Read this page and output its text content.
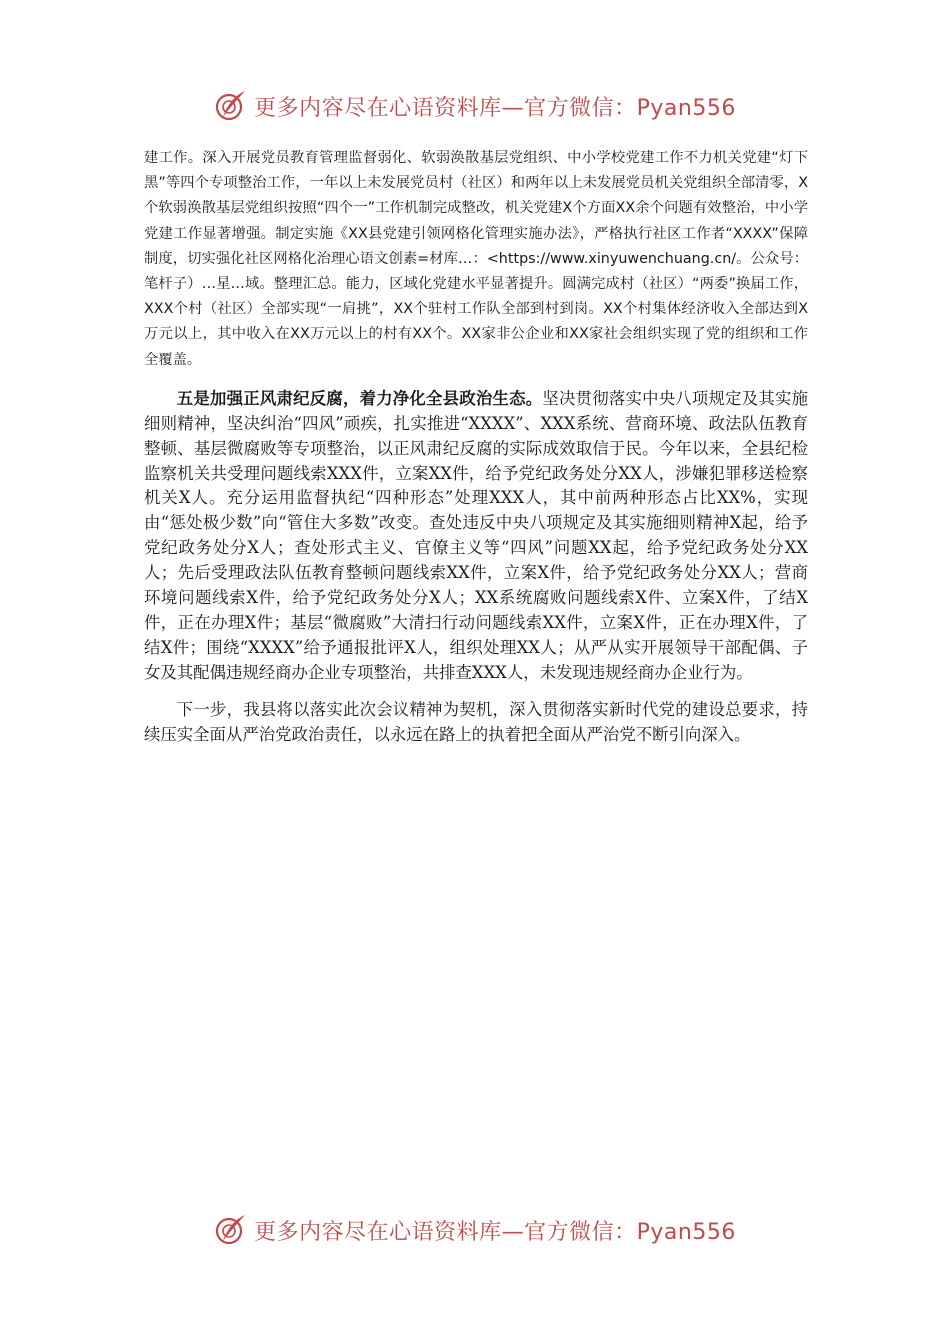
更多内容尽在心语资料库—官方微信：Pyan556

建工作。深入开展党员教育管理监督弱化、软弱涣散基层党组织、中小学校党建工作不力机关党建“灯下黑”等四个专项整治工作，一年以上未发展党员村（社区）和两年以上未发展党员机关党组织全部清零，X个软弱涣散基层党组织按照“四个一”工作机制完成整改，机关党建X个方面XX余个问题有效整治，中小学党建工作显著增强。制定实施《XX县党建引领网格化管理实施办法》，严格执行社区工作者“XXXX”保障制度，切实强化社区网格化治理心语文创素=材库…：<https://www.xinyuwenchuang.cn/。公众号：笔杆子）…星…域。整理汇总。能力，区域化党建水平显著提升。圆满完成村（社区）“两委”换届工作，XXX个村（社区）全部实现“一肩挑”，XX个驻村工作队全部到村到岗。XX个村集体经济收入全部达到X万元以上，其中收入在XX万元以上的村有XX个。XX家非公企业和XX家社会组织实现了党的组织和工作全覆盖。

五是加强正风肃纪反腐，着力净化全县政治生态。坚决贯彻落实中央八项规定及其实施细则精神，坚决纠治“四风”顽疾，扎实推进“XXXX”、XXX系统、营商环境、政法队伍教育整顿、基层微腐败等专项整治，以正风肃纪反腐的实际成效取信于民。今年以来，全县纪检监察机关共受理问题线索XXX件，立案XX件，给予党纪政务处分XX人，涉嫌犯罪移送检察机关X人。充分运用监督执纪“四种形态”处理XXX人，其中前两种形态占比XX%，实现由“惩处极少数”向“管住大多数”改变。查处违反中央八项规定及其实施细则精神X起，给予党纪政务处分X人；查处形式主义、官僚主义等“四风”问题XX起，给予党纪政务处分XX人；先后受理政法队伍教育整顿问题线索XX件，立案X件，给予党纪政务处分XX人；营商环境问题线索X件，给予党纪政务处分X人；XX系统腐败问题线索X件、立案X件，了结X件，正在办理X件；基层“微腐败”大清扫行动问题线索XX件，立案X件，正在办理X件，了结X件；围绕“XXXX”给予通报批评X人，组织处理XX人；从严从实开展领导干部配偶、子女及其配偶违规经商办企业专项整治，共排查XXX人，未发现违规经商办企业行为。

下一步，我县将以落实此次会议精神为契机，深入贯彻落实新时代党的建设总要求，持续压实全面从严治党政治责任，以永远在路上的执着把全面从严治党不断引向深入。

更多内容尽在心语资料库—官方微信：Pyan556
